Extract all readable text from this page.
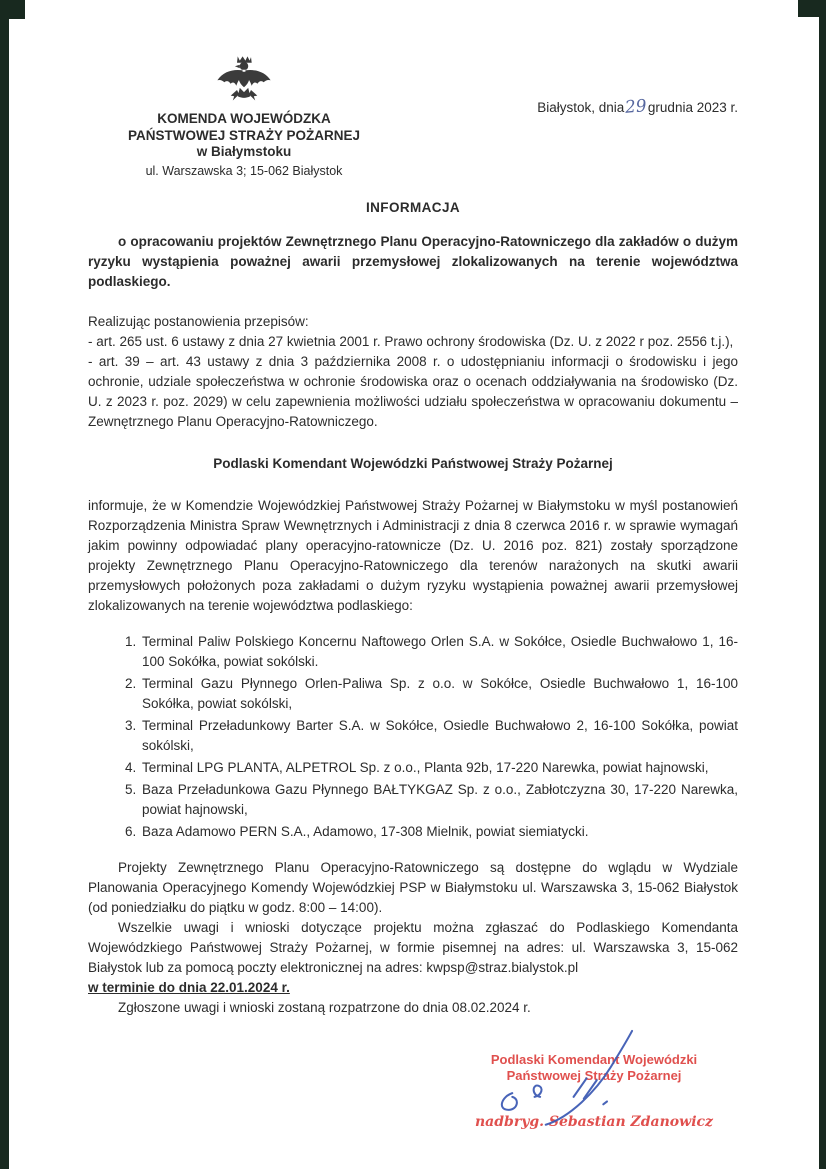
Białystok, dnia29grudnia 2023 r.
KOMENDA WOJEWÓDZKA
PAŃSTWOWEJ STRAŻY POŻARNEJ
w Białymstoku
ul. Warszawska 3; 15-062 Białystok
INFORMACJA

o opracowaniu projektów Zewnętrznego Planu Operacyjno-Ratowniczego dla zakładów o dużym ryzyku wystąpienia poważnej awarii przemysłowej zlokalizowanych na terenie województwa podlaskiego.

Realizując postanowienia przepisów:

- art. 265 ust. 6 ustawy z dnia 27 kwietnia 2001 r. Prawo ochrony środowiska (Dz. U. z 2022 r poz. 2556 t.j.),

- art. 39 – art. 43 ustawy z dnia 3 października 2008 r. o udostępnianiu informacji o środowisku i jego ochronie, udziale społeczeństwa w ochronie środowiska oraz o ocenach oddziaływania na środowisko (Dz. U. z 2023 r. poz. 2029) w celu zapewnienia możliwości udziału społeczeństwa w opracowaniu dokumentu – Zewnętrznego Planu Operacyjno-Ratowniczego.

Podlaski Komendant Wojewódzki Państwowej Straży Pożarnej

informuje, że w Komendzie Wojewódzkiej Państwowej Straży Pożarnej w Białymstoku w myśl postanowień Rozporządzenia Ministra Spraw Wewnętrznych i Administracji z dnia 8 czerwca 2016 r. w sprawie wymagań jakim powinny odpowiadać plany operacyjno-ratownicze (Dz. U. 2016 poz. 821) zostały sporządzone projekty Zewnętrznego Planu Operacyjno-Ratowniczego dla terenów narażonych na skutki awarii przemysłowych położonych poza zakładami o dużym ryzyku wystąpienia poważnej awarii przemysłowej zlokalizowanych na terenie województwa podlaskiego:

1. Terminal Paliw Polskiego Koncernu Naftowego Orlen S.A. w Sokółce, Osiedle Buchwałowo 1, 16-100 Sokółka, powiat sokólski.
2. Terminal Gazu Płynnego Orlen-Paliwa Sp. z o.o. w Sokółce, Osiedle Buchwałowo 1, 16-100 Sokółka, powiat sokólski,
3. Terminal Przeładunkowy Barter S.A. w Sokółce, Osiedle Buchwałowo 2, 16-100 Sokółka, powiat sokólski,
4. Terminal LPG PLANTA, ALPETROL Sp. z o.o., Planta 92b, 17-220 Narewka, powiat hajnowski,
5. Baza Przeładunkowa Gazu Płynnego BAŁTYKGAZ Sp. z o.o., Zabłotczyzna 30, 17-220 Narewka, powiat hajnowski,
6. Baza Adamowo PERN S.A., Adamowo, 17-308 Mielnik, powiat siemiatycki.

Projekty Zewnętrznego Planu Operacyjno-Ratowniczego są dostępne do wglądu w Wydziale Planowania Operacyjnego Komendy Wojewódzkiej PSP w Białymstoku ul. Warszawska 3, 15-062 Białystok (od poniedziałku do piątku w godz. 8:00 – 14:00).

Wszelkie uwagi i wnioski dotyczące projektu można zgłaszać do Podlaskiego Komendanta Wojewódzkiego Państwowej Straży Pożarnej, w formie pisemnej na adres: ul. Warszawska 3, 15-062 Białystok lub za pomocą poczty elektronicznej na adres: kwpsp@straz.bialystok.pl

w terminie do dnia 22.01.2024 r.

Zgłoszone uwagi i wnioski zostaną rozpatrzone do dnia 08.02.2024 r.

Podlaski Komendant Wojewódzki
Państwowej Straży Pożarnej
nadbryg. Sebastian Zdanowicz
